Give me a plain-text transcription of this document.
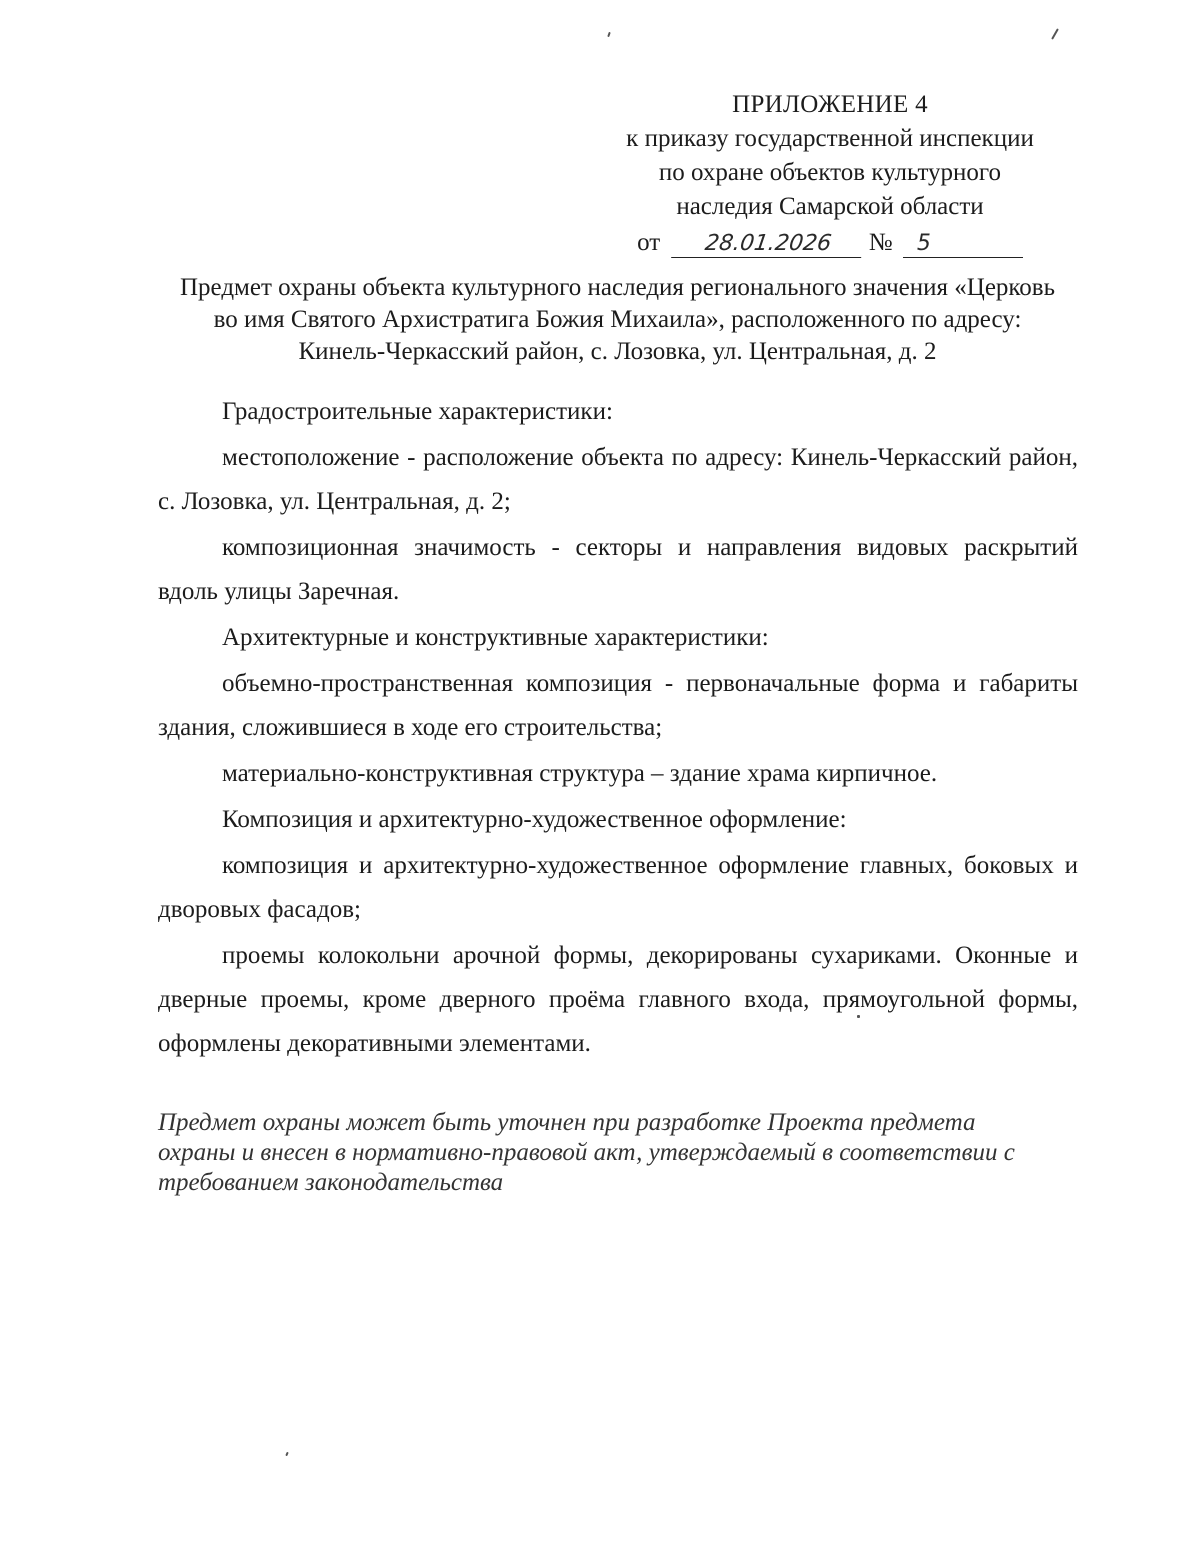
ПРИЛОЖЕНИЕ 4
к приказу государственной инспекции
по охране объектов культурного
наследия Самарской области
от 28.01.2026 № 5
Предмет охраны объекта культурного наследия регионального значения «Церковь
во имя Святого Архистратига Божия Михаила», расположенного по адресу:
Кинель-Черкасский район, с. Лозовка, ул. Центральная, д. 2

Градостроительные характеристики:

местоположение - расположение объекта по адресу: Кинель-Черкасский район, с. Лозовка, ул. Центральная, д. 2;

композиционная значимость - секторы и направления видовых раскрытий вдоль улицы Заречная.

Архитектурные и конструктивные характеристики:

объемно-пространственная композиция - первоначальные форма и габариты здания, сложившиеся в ходе его строительства;

материально-конструктивная структура – здание храма кирпичное.

Композиция и архитектурно-художественное оформление:

композиция и архитектурно-художественное оформление главных, боковых и дворовых фасадов;

проемы колокольни арочной формы, декорированы сухариками. Оконные и дверные проемы, кроме дверного проёма главного входа, прямоугольной формы, оформлены декоративными элементами.

Предмет охраны может быть уточнен при разработке Проекта предмета
охраны и внесен в нормативно-правовой акт, утверждаемый в соответствии с
требованием законодательства
